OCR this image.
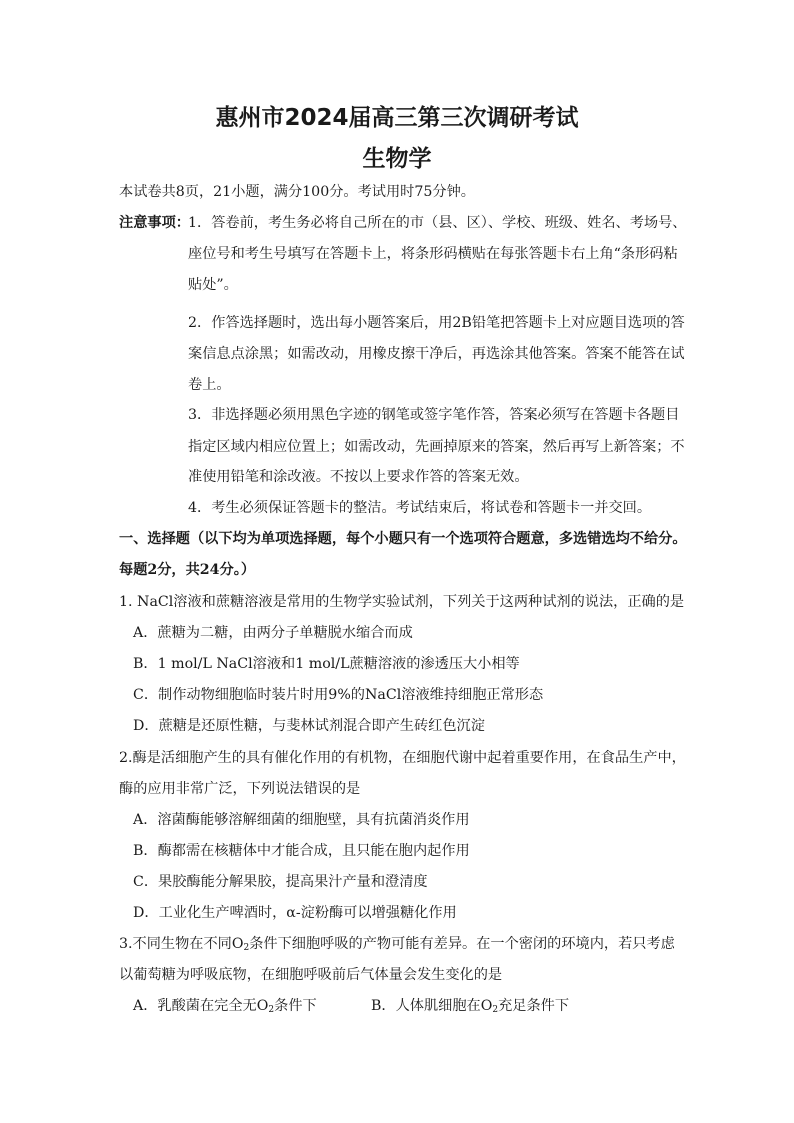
惠州市2024届高三第三次调研考试
生物学
本试卷共8页，21小题，满分100分。考试用时75分钟。
注意事项：
1．答卷前，考生务必将自己所在的市（县、区）、学校、班级、姓名、考场号、
座位号和考生号填写在答题卡上，将条形码横贴在每张答题卡右上角“条形码粘
贴处”。
2．作答选择题时，选出每小题答案后，用2B铅笔把答题卡上对应题目选项的答
案信息点涂黑；如需改动，用橡皮擦干净后，再选涂其他答案。答案不能答在试
卷上。
3．非选择题必须用黑色字迹的钢笔或签字笔作答，答案必须写在答题卡各题目
指定区域内相应位置上；如需改动，先画掉原来的答案，然后再写上新答案；不
准使用铅笔和涂改液。不按以上要求作答的答案无效。
4．考生必须保证答题卡的整洁。考试结束后，将试卷和答题卡一并交回。
一、选择题（以下均为单项选择题，每个小题只有一个选项符合题意，多选错选均不给分。
每题2分，共24分。）
1. NaCl溶液和蔗糖溶液是常用的生物学实验试剂，下列关于这两种试剂的说法，正确的是
A．蔗糖为二糖，由两分子单糖脱水缩合而成
B．1 mol/L NaCl溶液和1 mol/L蔗糖溶液的渗透压大小相等
C．制作动物细胞临时装片时用9%的NaCl溶液维持细胞正常形态
D．蔗糖是还原性糖，与斐林试剂混合即产生砖红色沉淀
2.酶是活细胞产生的具有催化作用的有机物，在细胞代谢中起着重要作用，在食品生产中，
酶的应用非常广泛，下列说法错误的是
A．溶菌酶能够溶解细菌的细胞壁，具有抗菌消炎作用
B．酶都需在核糖体中才能合成，且只能在胞内起作用
C．果胶酶能分解果胶，提高果汁产量和澄清度
D．工业化生产啤酒时，α-淀粉酶可以增强糖化作用
3.不同生物在不同$O_2$条件下细胞呼吸的产物可能有差异。在一个密闭的环境内，若只考虑
以葡萄糖为呼吸底物，在细胞呼吸前后气体量会发生变化的是
A．乳酸菌在完全无$O_2$条件下	B．人体肌细胞在$O_2$充足条件下
